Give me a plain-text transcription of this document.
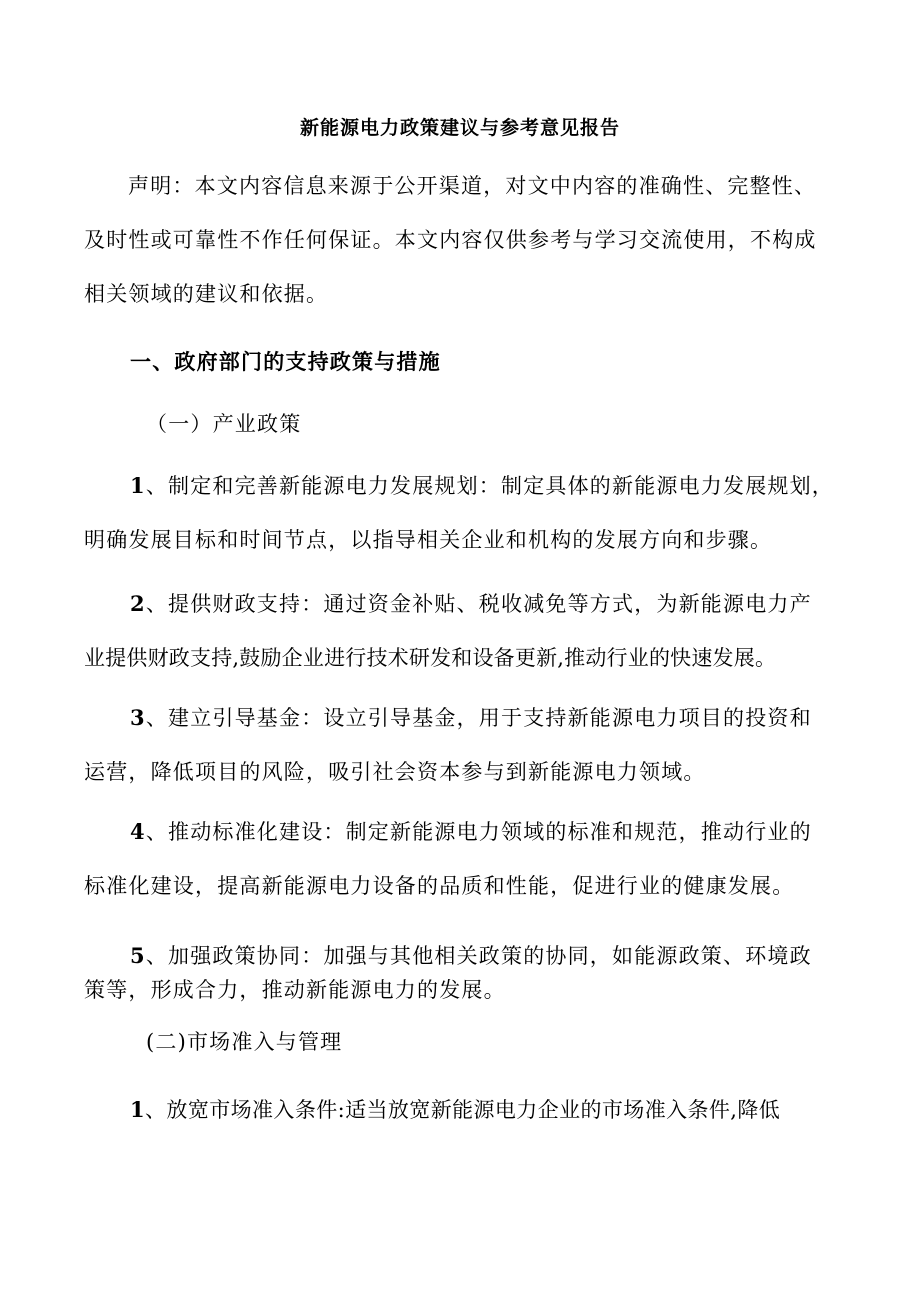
新能源电力政策建议与参考意见报告
声明：本文内容信息来源于公开渠道，对文中内容的准确性、完整性、
及时性或可靠性不作任何保证。本文内容仅供参考与学习交流使用，不构成
相关领域的建议和依据。
一、政府部门的支持政策与措施
（一）产业政策
1、制定和完善新能源电力发展规划：制定具体的新能源电力发展规划，
明确发展目标和时间节点，以指导相关企业和机构的发展方向和步骤。
2、提供财政支持：通过资金补贴、税收减免等方式，为新能源电力产
业提供财政支持,鼓励企业进行技术研发和设备更新,推动行业的快速发展。
3、建立引导基金：设立引导基金，用于支持新能源电力项目的投资和
运营，降低项目的风险，吸引社会资本参与到新能源电力领域。
4、推动标准化建设：制定新能源电力领域的标准和规范，推动行业的
标准化建设，提高新能源电力设备的品质和性能，促进行业的健康发展。
5、加强政策协同：加强与其他相关政策的协同，如能源政策、环境政
策等，形成合力，推动新能源电力的发展。
(二)市场准入与管理
1、放宽市场准入条件:适当放宽新能源电力企业的市场准入条件,降低
